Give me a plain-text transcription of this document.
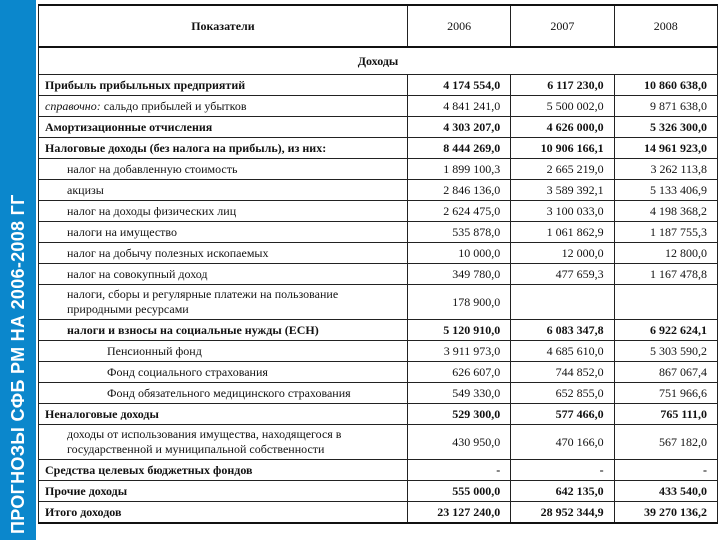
ПРОГНОЗЫ СФБ РМ НА 2006-2008 ГГ
Показатели	2006	2007	2008
Доходы			
Прибыль прибыльных предприятий	4 174 554,0	6 117 230,0	10 860 638,0
справочно: сальдо прибылей и убытков	4 841 241,0	5 500 002,0	9 871 638,0
Амортизационные отчисления	4 303 207,0	4 626 000,0	5 326 300,0
Налоговые доходы (без налога на прибыль), из них:	8 444 269,0	10 906 166,1	14 961 923,0
налог на добавленную стоимость	1 899 100,3	2 665 219,0	3 262 113,8
акцизы	2 846 136,0	3 589 392,1	5 133 406,9
налог на доходы физических лиц	2 624 475,0	3 100 033,0	4 198 368,2
налоги на имущество	535 878,0	1 061 862,9	1 187 755,3
налог на добычу полезных ископаемых	10 000,0	12 000,0	12 800,0
налог на совокупный доход	349 780,0	477 659,3	1 167 478,8
налоги, сборы и регулярные платежи на пользование природными ресурсами	178 900,0		
налоги и взносы на социальные нужды (ЕСН)	5 120 910,0	6 083 347,8	6 922 624,1
Пенсионный фонд	3 911 973,0	4 685 610,0	5 303 590,2
Фонд социального страхования	626 607,0	744 852,0	867 067,4
Фонд обязательного медицинского страхования	549 330,0	652 855,0	751 966,6
Неналоговые доходы	529 300,0	577 466,0	765 111,0
доходы от использования имущества, находящегося в государственной и муниципальной собственности	430 950,0	470 166,0	567 182,0
Средства целевых бюджетных фондов	-	-	-
Прочие доходы	555 000,0	642 135,0	433 540,0
Итого доходов	23 127 240,0	28 952 344,9	39 270 136,2
